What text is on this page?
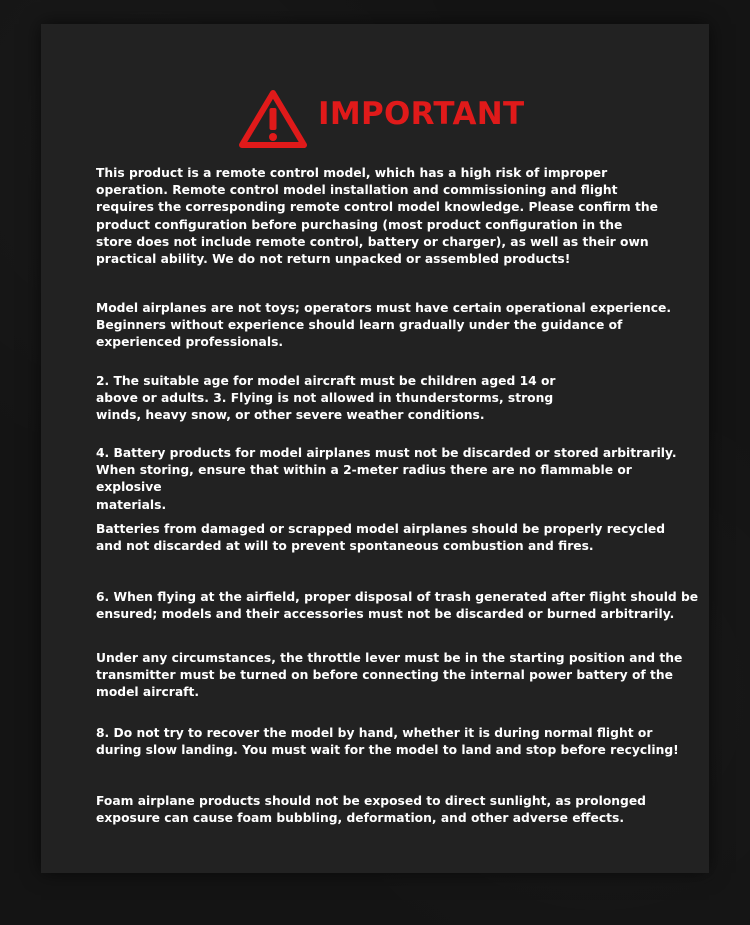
IMPORTANT
This product is a remote control model, which has a high risk of improper
operation. Remote control model installation and commissioning and flight
requires the corresponding remote control model knowledge. Please confirm the
product configuration before purchasing (most product configuration in the
store does not include remote control, battery or charger), as well as their own
practical ability. We do not return unpacked or assembled products!
Model airplanes are not toys; operators must have certain operational experience.
Beginners without experience should learn gradually under the guidance of
experienced professionals.
2. The suitable age for model aircraft must be children aged 14 or
above or adults. 3. Flying is not allowed in thunderstorms, strong
winds, heavy snow, or other severe weather conditions.
4. Battery products for model airplanes must not be discarded or stored arbitrarily.
When storing, ensure that within a 2-meter radius there are no flammable or explosive
materials.
Batteries from damaged or scrapped model airplanes should be properly recycled
and not discarded at will to prevent spontaneous combustion and fires.
6. When flying at the airfield, proper disposal of trash generated after flight should be
ensured; models and their accessories must not be discarded or burned arbitrarily.
Under any circumstances, the throttle lever must be in the starting position and the
transmitter must be turned on before connecting the internal power battery of the
model aircraft.
8. Do not try to recover the model by hand, whether it is during normal flight or
during slow landing. You must wait for the model to land and stop before recycling!
Foam airplane products should not be exposed to direct sunlight, as prolonged
exposure can cause foam bubbling, deformation, and other adverse effects.
